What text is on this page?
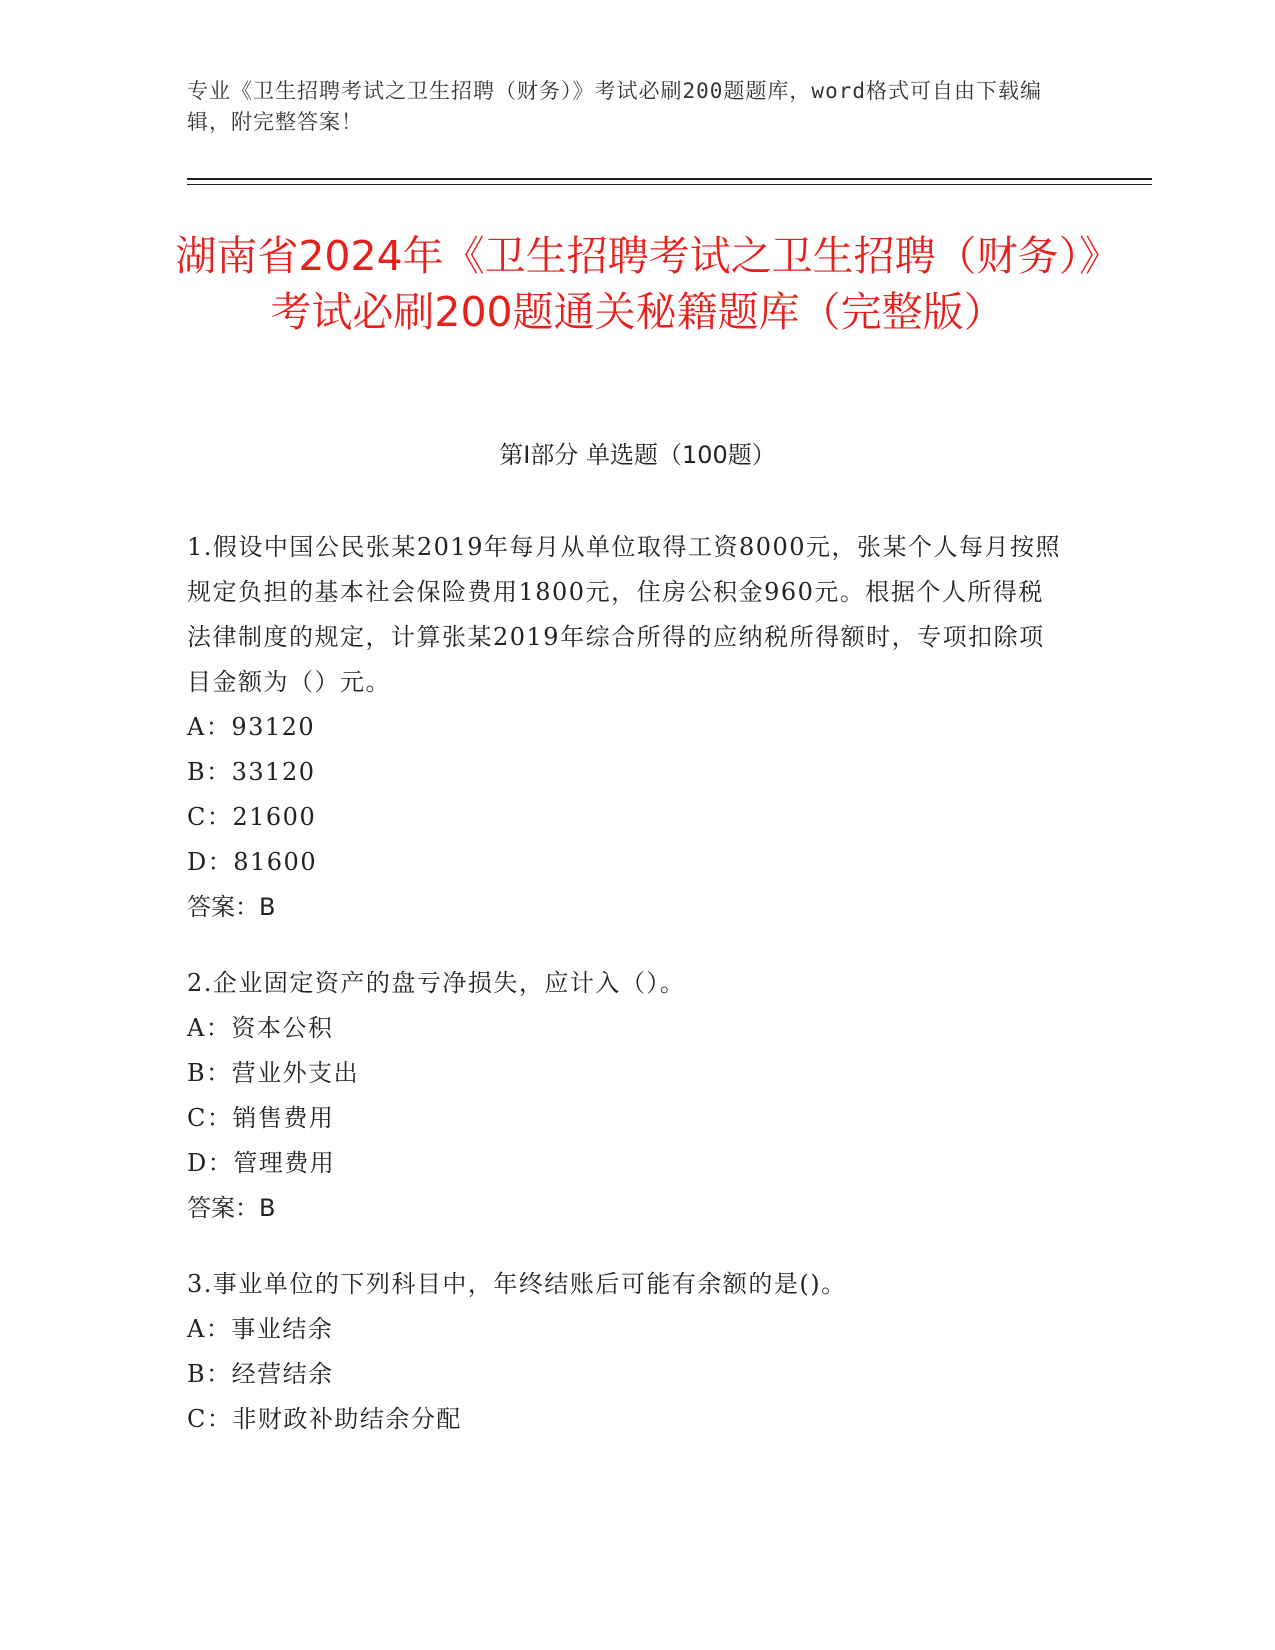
专业《卫生招聘考试之卫生招聘（财务）》考试必刷200题题库，word格式可自由下载编辑，附完整答案！
湖南省2024年《卫生招聘考试之卫生招聘（财务）》考试必刷200题通关秘籍题库（完整版）
第I部分 单选题（100题）

1.假设中国公民张某2019年每月从单位取得工资8000元，张某个人每月按照规定负担的基本社会保险费用1800元，住房公积金960元。根据个人所得税法律制度的规定，计算张某2019年综合所得的应纳税所得额时，专项扣除项目金额为（）元。

A：93120

B：33120

C：21600

D：81600

答案：B

2.企业固定资产的盘亏净损失，应计入（）。

A：资本公积

B：营业外支出

C：销售费用

D：管理费用

答案：B

3.事业单位的下列科目中，年终结账后可能有余额的是()。

A：事业结余

B：经营结余

C：非财政补助结余分配
